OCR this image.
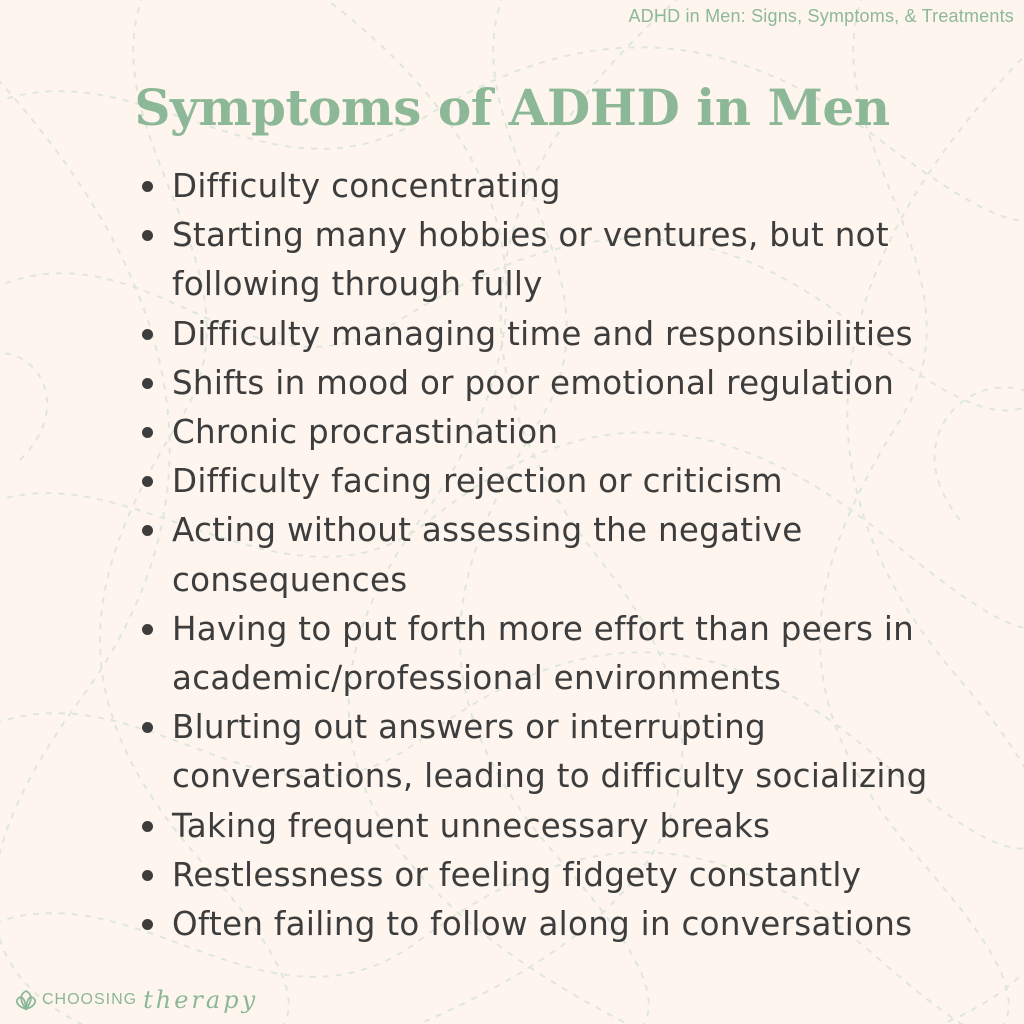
ADHD in Men: Signs, Symptoms, & Treatments
Symptoms of ADHD in Men
Difficulty concentrating
Starting many hobbies or ventures, but not
following through fully
Difficulty managing time and responsibilities
Shifts in mood or poor emotional regulation
Chronic procrastination
Difficulty facing rejection or criticism
Acting without assessing the negative
consequences
Having to put forth more effort than peers in
academic/professional environments
Blurting out answers or interrupting
conversations, leading to difficulty socializing
Taking frequent unnecessary breaks
Restlessness or feeling fidgety constantly
Often failing to follow along in conversations
CHOOSING therapy
